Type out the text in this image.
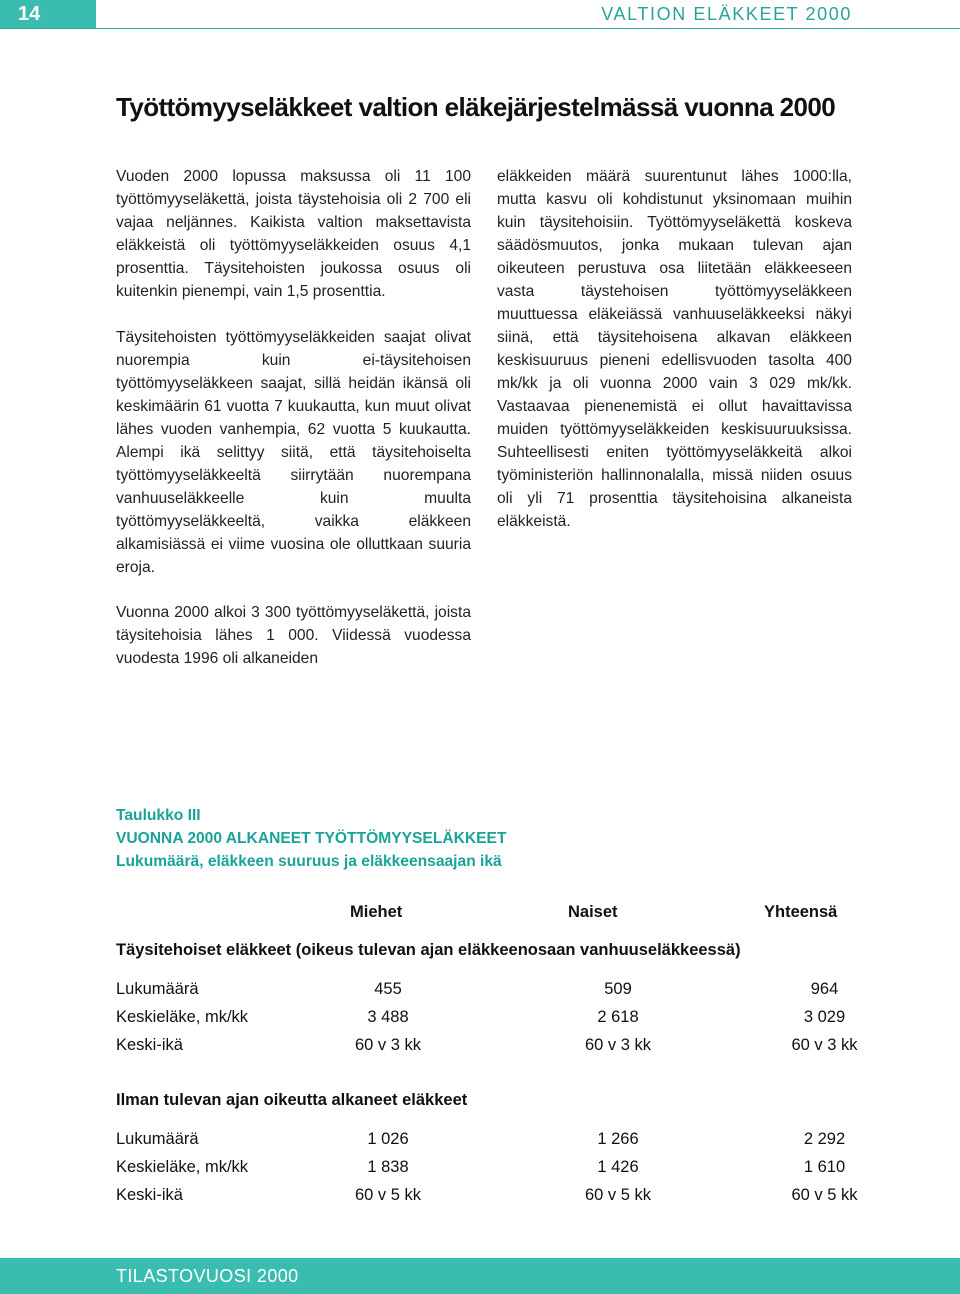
14	VALTION ELÄKKEET 2000
Työttömyyseläkkeet valtion eläkejärjestelmässä vuonna 2000

Vuoden 2000 lopussa maksussa oli 11 100 työttömyyseläkettä, joista täystehoisia oli 2 700 eli vajaa neljännes. Kaikista valtion maksettavista eläkkeistä oli työttömyyseläkkeiden osuus 4,1 prosenttia. Täysitehoisten joukossa osuus oli kuitenkin pienempi, vain 1,5 prosenttia.

Täysitehoisten työttömyyseläkkeiden saajat olivat nuorempia kuin ei-täysitehoisen työttömyyseläkkeen saajat, sillä heidän ikänsä oli keskimäärin 61 vuotta 7 kuukautta, kun muut olivat lähes vuoden vanhempia, 62 vuotta 5 kuukautta. Alempi ikä selittyy siitä, että täysitehoiselta työttömyyseläkkeeltä siirrytään nuorempana vanhuuseläkkeelle kuin muulta työttömyyseläkkeeltä, vaikka eläkkeen alkamisiässä ei viime vuosina ole olluttkaan suuria eroja.

Vuonna 2000 alkoi 3 300 työttömyyseläkettä, joista täysitehoisia lähes 1 000. Viidessä vuodessa vuodesta 1996 oli alkaneiden

eläkkeiden määrä suurentunut lähes 1000:lla, mutta kasvu oli kohdistunut yksinomaan muihin kuin täysitehoisiin. Työttömyyseläkettä koskeva säädösmuutos, jonka mukaan tulevan ajan oikeuteen perustuva osa liitetään eläkkeeseen vasta täystehoisen työttömyyseläkkeen muuttuessa eläkeiässä vanhuuseläkkeeksi näkyi siinä, että täysitehoisena alkavan eläkkeen keskisuuruus pieneni edellisvuoden tasolta 400 mk/kk ja oli vuonna 2000 vain 3 029 mk/kk. Vastaavaa pienenemistä ei ollut havaittavissa muiden työttömyyseläkkeiden keskisuuruuksissa. Suhteellisesti eniten työttömyyseläkkeitä alkoi työministeriön hallinnonalalla, missä niiden osuus oli yli 71 prosenttia täysitehoisina alkaneista eläkkeistä.

Taulukko III
VUONNA 2000 ALKANEET TYÖTTÖMYYSELÄKKEET
Lukumäärä, eläkkeen suuruus ja eläkkeensaajan ikä
Miehet	Naiset	Yhteensä
Täysitehoiset eläkkeet (oikeus tulevan ajan eläkkeenosaan vanhuuseläkkeessä)
Lukumäärä	455	509	964
Keskieläke, mk/kk	3 488	2 618	3 029
Keski-ikä	60 v 3 kk	60 v 3 kk	60 v 3 kk
Ilman tulevan ajan oikeutta alkaneet eläkkeet
Lukumäärä	1 026	1 266	2 292
Keskieläke, mk/kk	1 838	1 426	1 610
Keski-ikä	60 v 5 kk	60 v 5 kk	60 v 5 kk
TILASTOVUOSI 2000
